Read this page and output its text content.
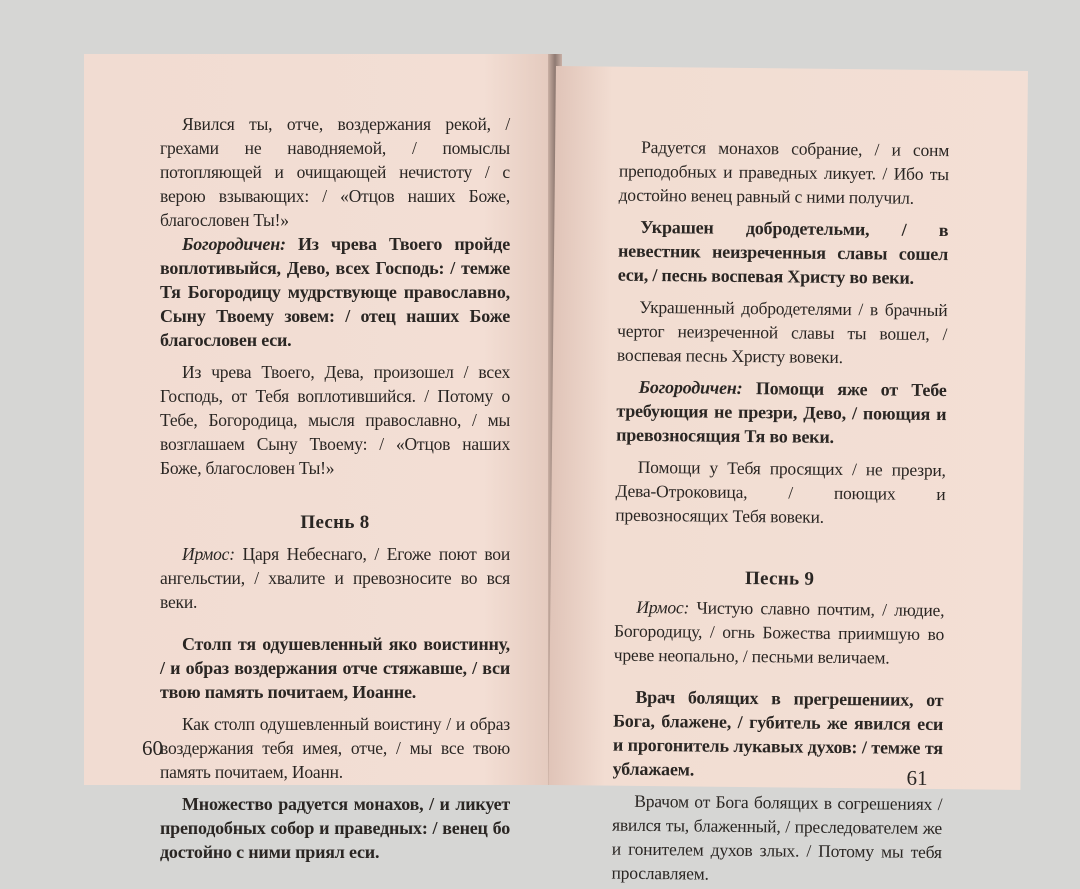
Явился ты, отче, воздержания рекой, / грехами не наводняемой, / помыслы потопляющей и очищающей нечистоту / с верою взывающих: / «Отцов наших Боже, благословен Ты!»

Богородичен: Из чрева Твоего пройде воплотивыйся, Дево, всех Господь: / темже Тя Богородицу мудрствующе православно, Сыну Твоему зовем: / отец наших Боже благословен еси.

Из чрева Твоего, Дева, произошел / всех Господь, от Тебя воплотившийся. / Потому о Тебе, Богородица, мысля православно, / мы возглашаем Сыну Твоему: / «Отцов наших Боже, благословен Ты!»

Песнь 8

Ирмос: Царя Небеснаго, / Егоже поют вои ангельстии, / хвалите и превозносите во вся веки.

Столп тя одушевленный яко воистинну, / и образ воздержания отче стяжавше, / вси твою память почитаем, Иоанне.

Как столп одушевленный воистину / и образ воздержания тебя имея, отче, / мы все твою память почитаем, Иоанн.

Множество радуется монахов, / и ликует преподобных собор и праведных: / венец бо достойно с ними приял еси.

60

Радуется монахов собрание, / и сонм преподобных и праведных ликует. / Ибо ты достойно венец равный с ними получил.

Украшен добродетельми, / в невестник неизреченныя славы сошел еси, / песнь воспевая Христу во веки.

Украшенный добродетелями / в брачный чертог неизреченной славы ты вошел, / воспевая песнь Христу вовеки.

Богородичен: Помощи яже от Тебе требующия не презри, Дево, / поющия и превозносящия Тя во веки.

Помощи у Тебя просящих / не презри, Дева-Отроковица, / поющих и превозносящих Тебя вовеки.

Песнь 9

Ирмос: Чистую славно почтим, / людие, Богородицу, / огнь Божества приимшую во чреве неопально, / песньми величаем.

Врач болящих в прегрешениих, от Бога, блажене, / губитель же явился еси и прогонитель лукавых духов: / темже тя ублажаем.

Врачом от Бога болящих в согрешениях / явился ты, блаженный, / преследователем же и гонителем духов злых. / Потому мы тебя прославляем.

61
